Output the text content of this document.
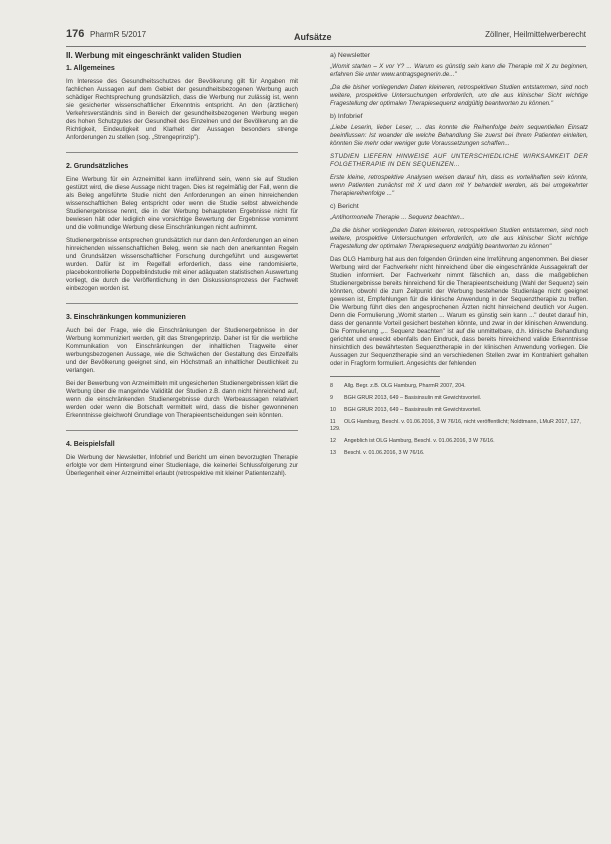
176 PharmR 5/2017	Aufsätze	Zöllner, Heilmittelwerberecht
II. Werbung mit eingeschränkt validen Studien
1. Allgemeines

Im Interesse des Gesundheitsschutzes der Bevölkerung gilt für Angaben mit fachlichen Aussagen auf dem Gebiet der gesundheitsbezogenen Werbung auch schädiger Rechtsprechung grundsätzlich, dass die Werbung nur zulässig ist, wenn sie gesicherter wissenschaftlicher Erkenntnis entspricht. An den (ärztlichen) Verkehrsverständnis sind in Bereich der gesundheitsbezogenen Werbung wegen des hohen Schutzgutes der Gesundheit des Einzelnen und der Bevölkerung an die Richtigkeit, Eindeutigkeit und Klarheit der Aussagen besonders strenge Anforderungen zu stellen (sog. „Strengeprinzip").

2. Grundsätzliches

Eine Werbung für ein Arzneimittel kann irreführend sein, wenn sie auf Studien gestützt wird, die diese Aussage nicht tragen. Dies ist regelmäßig der Fall, wenn die als Beleg angeführte Studie nicht den Anforderungen an einen hinreichenden wissenschaftlichen Beleg entspricht oder wenn die Studie selbst abweichende Studienergebnisse nennt, die in der Werbung behaupteten Ergebnisse nicht für bewiesen hält oder lediglich eine vorsichtige Bewertung der Ergebnisse vornimmt und die vollmundige Werbung diese Einschränkungen nicht aufnimmt.

Studienergebnisse entsprechen grundsätzlich nur dann den Anforderungen an einen hinreichenden wissenschaftlichen Beleg, wenn sie nach den anerkannten Regeln und Grundsätzen wissenschaftlicher Forschung durchgeführt und ausgewertet wurden. Dafür ist im Regelfall erforderlich, dass eine randomisierte, placebokontrollierte Doppelblindstudie mit einer adäquaten statistischen Auswertung vorliegt, die durch die Veröffentlichung in den Diskussionsprozess der Fachwelt einbezogen worden ist.

3. Einschränkungen kommunizieren

Auch bei der Frage, wie die Einschränkungen der Studienergebnisse in der Werbung kommuniziert werden, gilt das Strengeprinzip. Daher ist für die werbliche Kommunikation von Einschränkungen der inhaltlichen Tragweite einer werbungsbezogenen Aussage, wie die Schwächen der Gestaltung des Einzelfalls und der Bevölkerung geeignet sind, ein Höchstmaß an inhaltlicher Deutlichkeit zu verlangen.

Bei der Bewerbung von Arzneimitteln mit ungesicherten Studienergebnissen klärt die Werbung über die mangelnde Validität der Studien z.B. dann nicht hinreichend auf, wenn die einschränkenden Studienergebnisse durch Werbeaussagen relativiert werden oder wenn die Botschaft vermittelt wird, dass die bisher gewonnenen Erkenntnisse gleichwohl Grundlage von Therapieentscheidungen sein könnten.

4. Beispielsfall

Die Werbung der Newsletter, Infobrief und Bericht um einen bevorzugten Therapie erfolgte vor dem Hintergrund einer Studienlage, die keinerlei Schlussfolgerung zur Überlegenheit einer Arzneimittel erlaubt (retrospektive mit kleiner Patientenzahl).

a) Newsletter

„Womit starten – X vor Y? ... Warum es günstig sein kann die Therapie mit X zu beginnen, erfahren Sie unter www.antragsgegnerin.de..."

„Da die bisher vorliegenden Daten kleineren, retrospektiven Studien entstammen, sind noch weitere, prospektive Untersuchungen erforderlich, um die aus klinischer Sicht wichtige Fragestellung der optimalen Therapiesequenz endgültig beantworten zu können."

b) Infobrief

„Liebe Leserin, lieber Leser, ... das konnte die Reihenfolge beim sequentiellen Einsatz beeinflussen: Ist woander die welche Behandlung Sie zuerst bei Ihrem Patienten einleiten, könnten Sie mehr oder weniger gute Voraussetzungen schaffen...

STUDIEN LIEFERN HINWEISE AUF UNTERSCHIEDLICHE WIRKSAMKEIT DER FOLGETHERAPIE IN DEN SEQUENZEN...

Erste kleine, retrospektive Analysen weisen darauf hin, dass es vorteilhaften sein könnte, wenn Patienten zunächst mit X und dann mit Y behandelt werden, als bei umgekehrter Therapiereihenfolge ..."

c) Bericht

„Antihormonelle Therapie ... Sequenz beachten...

„Da die bisher vorliegenden Daten kleineren, retrospektiven Studien entstammen, sind noch weitere, prospektive Untersuchungen erforderlich, um die aus klinischer Sicht wichtige Fragestellung der optimalen Therapiesequenz endgültig beantworten zu können"

Das OLG Hamburg hat aus den folgenden Gründen eine Irreführung angenommen. Bei dieser Werbung wird der Fachverkehr nicht hinreichend über die eingeschränkte Aussagekraft der Studien informiert. Der Fachverkehr nimmt fälschlich an, dass die maßgeblichen Studienergebnisse bereits hinreichend für die Therapieentscheidung (Wahl der Sequenz) sein könnten, obwohl die zum Zeitpunkt der Werbung bestehende Studienlage nicht geeignet gewesen ist, Empfehlungen für die klinische Anwendung in der Sequenztherapie zu treffen. Die Werbung führt dies den angesprochenen Ärzten nicht hinreichend deutlich vor Augen. Denn die Formulierung „Womit starten ... Warum es günstig sein kann ..." deutet darauf hin, dass der genannte Vorteil gesichert bestehen könnte, und zwar in der klinischen Anwendung. Die Formulierung „... Sequenz beachten" ist auf die unmittelbare, d.h. klinische Behandlung gerichtet und erweckt ebenfalls den Eindruck, dass bereits hinreichend valide Erkenntnisse hinsichtlich des bewährtesten Sequenztherapie in der klinischen Anwendung vorliegen. Die Aussagen zur Sequenztherapie sind an verschiedenen Stellen zwar im Kontrahiert gehalten oder in Fragform formuliert. Angesichts der fehlenden

8 Allg. Begr. z.B. OLG Hamburg, PharmR 2007, 204.

9 BGH GRUR 2013, 649 – Basisinsulin mit Gewichtsvorteil.

10 BGH GRUR 2013, 649 – Basisinsulin mit Gewichtsvorteil.

11 OLG Hamburg, Beschl. v. 01.06.2016, 3 W 76/16, nicht veröffentlicht; Noldtmann, LMuR 2017, 127, 129.

12 Angeblich ist OLG Hamburg, Beschl. v. 01.06.2016, 3 W 76/16.

13 Beschl. v. 01.06.2016, 3 W 76/16.
